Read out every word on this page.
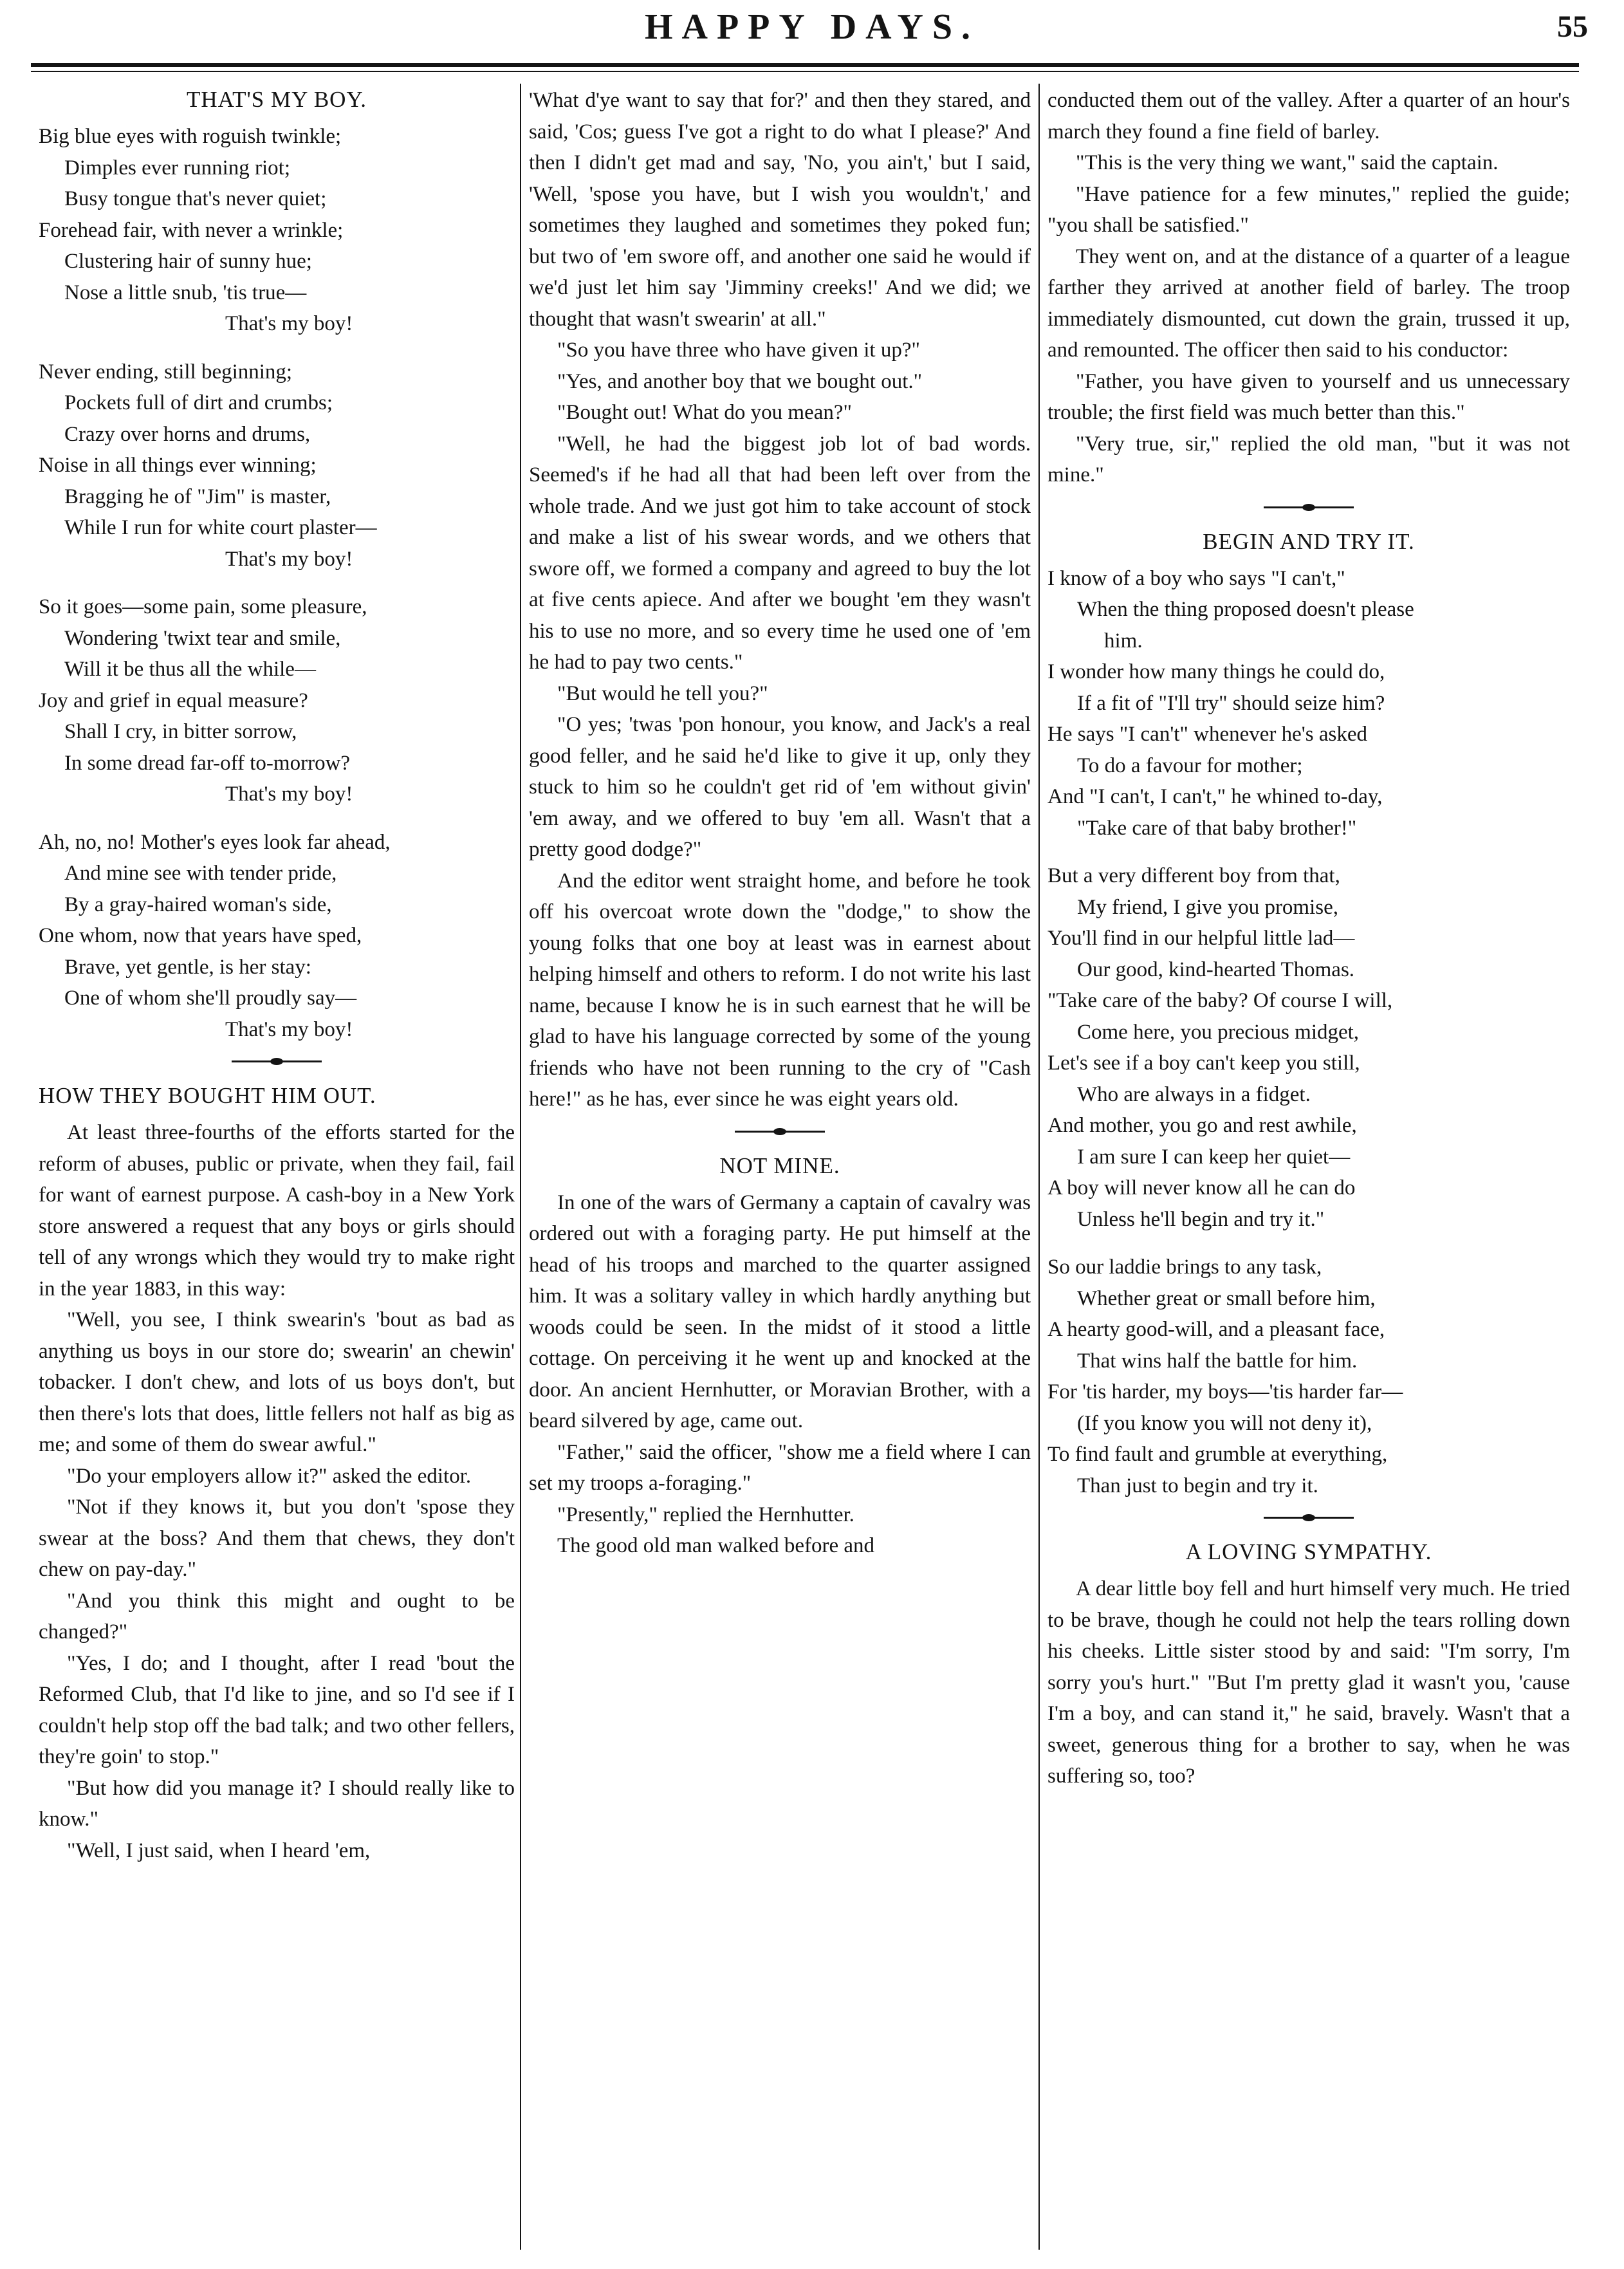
HAPPY DAYS.	55
THAT'S MY BOY.
Big blue eyes with roguish twinkle;
Dimples ever running riot;
Busy tongue that's never quiet;
Forehead fair, with never a wrinkle;
Clustering hair of sunny hue;
Nose a little snub, 'tis true—
That's my boy!
Never ending, still beginning;
Pockets full of dirt and crumbs;
Crazy over horns and drums,
Noise in all things ever winning;
Bragging he of "Jim" is master,
While I run for white court plaster—
That's my boy!
So it goes—some pain, some pleasure,
Wondering 'twixt tear and smile,
Will it be thus all the while—
Joy and grief in equal measure?
Shall I cry, in bitter sorrow,
In some dread far-off to-morrow?
That's my boy!
Ah, no, no! Mother's eyes look far ahead,
And mine see with tender pride,
By a gray-haired woman's side,
One whom, now that years have sped,
Brave, yet gentle, is her stay:
One of whom she'll proudly say—
That's my boy!
HOW THEY BOUGHT HIM OUT.

At least three-fourths of the efforts started for the reform of abuses, public or private, when they fail, fail for want of earnest purpose. A cash-boy in a New York store answered a request that any boys or girls should tell of any wrongs which they would try to make right in the year 1883, in this way:

"Well, you see, I think swearin's 'bout as bad as anything us boys in our store do; swearin' an chewin' tobacker. I don't chew, and lots of us boys don't, but then there's lots that does, little fellers not half as big as me; and some of them do swear awful."

"Do your employers allow it?" asked the editor.

"Not if they knows it, but you don't 'spose they swear at the boss? And them that chews, they don't chew on pay-day."

"And you think this might and ought to be changed?"

"Yes, I do; and I thought, after I read 'bout the Reformed Club, that I'd like to jine, and so I'd see if I couldn't help stop off the bad talk; and two other fellers, they're goin' to stop."

"But how did you manage it? I should really like to know."

"Well, I just said, when I heard 'em,

'What d'ye want to say that for?' and then they stared, and said, 'Cos; guess I've got a right to do what I please?' And then I didn't get mad and say, 'No, you ain't,' but I said, 'Well, 'spose you have, but I wish you wouldn't,' and sometimes they laughed and sometimes they poked fun; but two of 'em swore off, and another one said he would if we'd just let him say 'Jimminy creeks!' And we did; we thought that wasn't swearin' at all."

"So you have three who have given it up?"

"Yes, and another boy that we bought out."

"Bought out! What do you mean?"

"Well, he had the biggest job lot of bad words. Seemed's if he had all that had been left over from the whole trade. And we just got him to take account of stock and make a list of his swear words, and we others that swore off, we formed a company and agreed to buy the lot at five cents apiece. And after we bought 'em they wasn't his to use no more, and so every time he used one of 'em he had to pay two cents."

"But would he tell you?"

"O yes; 'twas 'pon honour, you know, and Jack's a real good feller, and he said he'd like to give it up, only they stuck to him so he couldn't get rid of 'em without givin' 'em away, and we offered to buy 'em all. Wasn't that a pretty good dodge?"

And the editor went straight home, and before he took off his overcoat wrote down the "dodge," to show the young folks that one boy at least was in earnest about helping himself and others to reform. I do not write his last name, because I know he is in such earnest that he will be glad to have his language corrected by some of the young friends who have not been running to the cry of "Cash here!" as he has, ever since he was eight years old.

NOT MINE.

In one of the wars of Germany a captain of cavalry was ordered out with a foraging party. He put himself at the head of his troops and marched to the quarter assigned him. It was a solitary valley in which hardly anything but woods could be seen. In the midst of it stood a little cottage. On perceiving it he went up and knocked at the door. An ancient Hernhutter, or Moravian Brother, with a beard silvered by age, came out.

"Father," said the officer, "show me a field where I can set my troops a-foraging."

"Presently," replied the Hernhutter.

The good old man walked before and

conducted them out of the valley. After a quarter of an hour's march they found a fine field of barley.

"This is the very thing we want," said the captain.

"Have patience for a few minutes," replied the guide; "you shall be satisfied."

They went on, and at the distance of a quarter of a league farther they arrived at another field of barley. The troop immediately dismounted, cut down the grain, trussed it up, and remounted. The officer then said to his conductor:

"Father, you have given to yourself and us unnecessary trouble; the first field was much better than this."

"Very true, sir," replied the old man, "but it was not mine."

BEGIN AND TRY IT.
I know of a boy who says "I can't,"
When the thing proposed doesn't please
him.
I wonder how many things he could do,
If a fit of "I'll try" should seize him?
He says "I can't" whenever he's asked
To do a favour for mother;
And "I can't, I can't," he whined to-day,
"Take care of that baby brother!"
But a very different boy from that,
My friend, I give you promise,
You'll find in our helpful little lad—
Our good, kind-hearted Thomas.
"Take care of the baby? Of course I will,
Come here, you precious midget,
Let's see if a boy can't keep you still,
Who are always in a fidget.
And mother, you go and rest awhile,
I am sure I can keep her quiet—
A boy will never know all he can do
Unless he'll begin and try it."
So our laddie brings to any task,
Whether great or small before him,
A hearty good-will, and a pleasant face,
That wins half the battle for him.
For 'tis harder, my boys—'tis harder far—
(If you know you will not deny it),
To find fault and grumble at everything,
Than just to begin and try it.
A LOVING SYMPATHY.

A dear little boy fell and hurt himself very much. He tried to be brave, though he could not help the tears rolling down his cheeks. Little sister stood by and said: "I'm sorry, I'm sorry you's hurt." "But I'm pretty glad it wasn't you, 'cause I'm a boy, and can stand it," he said, bravely. Wasn't that a sweet, generous thing for a brother to say, when he was suffering so, too?
